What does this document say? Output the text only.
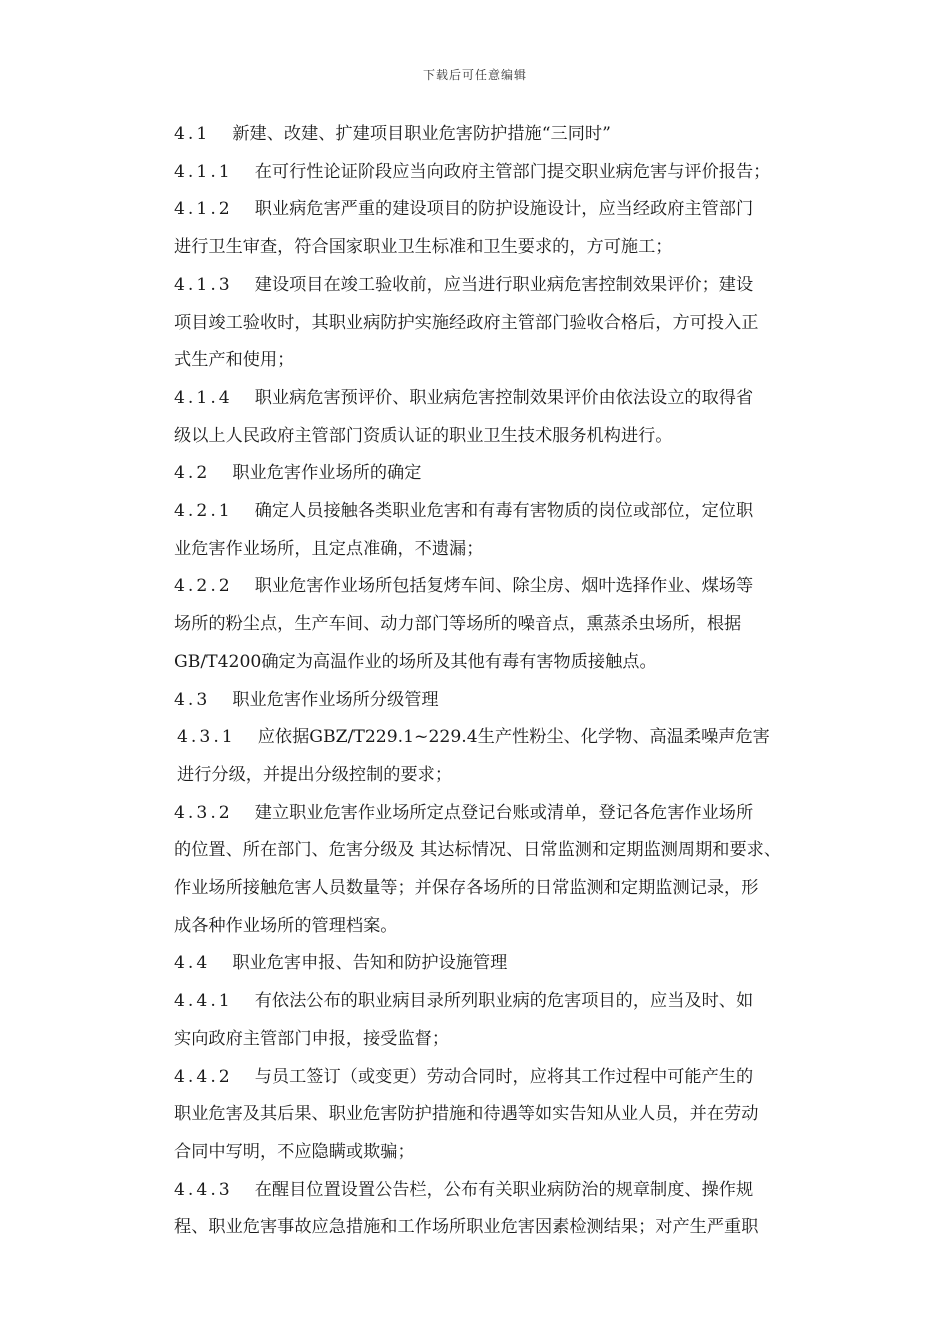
下载后可任意编辑
4.1 新建、改建、扩建项目职业危害防护措施“三同时”
4.1.1 在可行性论证阶段应当向政府主管部门提交职业病危害与评价报告；
4.1.2 职业病危害严重的建设项目的防护设施设计，应当经政府主管部门
进行卫生审查，符合国家职业卫生标准和卫生要求的，方可施工；
4.1.3 建设项目在竣工验收前，应当进行职业病危害控制效果评价；建设
项目竣工验收时，其职业病防护实施经政府主管部门验收合格后，方可投入正
式生产和使用；
4.1.4 职业病危害预评价、职业病危害控制效果评价由依法设立的取得省
级以上人民政府主管部门资质认证的职业卫生技术服务机构进行。
4.2 职业危害作业场所的确定
4.2.1 确定人员接触各类职业危害和有毒有害物质的岗位或部位，定位职
业危害作业场所，且定点准确，不遗漏；
4.2.2 职业危害作业场所包括复烤车间、除尘房、烟叶选择作业、煤场等
场所的粉尘点，生产车间、动力部门等场所的噪音点，熏蒸杀虫场所，根据
GB/T4200确定为高温作业的场所及其他有毒有害物质接触点。
4.3 职业危害作业场所分级管理
4.3.1 应依据GBZ/T229.1~229.4生产性粉尘、化学物、高温柔噪声危害
进行分级，并提出分级控制的要求；
4.3.2 建立职业危害作业场所定点登记台账或清单，登记各危害作业场所
的位置、所在部门、危害分级及 其达标情况、日常监测和定期监测周期和要求、
作业场所接触危害人员数量等；并保存各场所的日常监测和定期监测记录，形
成各种作业场所的管理档案。
4.4 职业危害申报、告知和防护设施管理
4.4.1 有依法公布的职业病目录所列职业病的危害项目的，应当及时、如
实向政府主管部门申报，接受监督；
4.4.2 与员工签订（或变更）劳动合同时，应将其工作过程中可能产生的
职业危害及其后果、职业危害防护措施和待遇等如实告知从业人员，并在劳动
合同中写明，不应隐瞒或欺骗；
4.4.3 在醒目位置设置公告栏，公布有关职业病防治的规章制度、操作规
程、职业危害事故应急措施和工作场所职业危害因素检测结果；对产生严重职
